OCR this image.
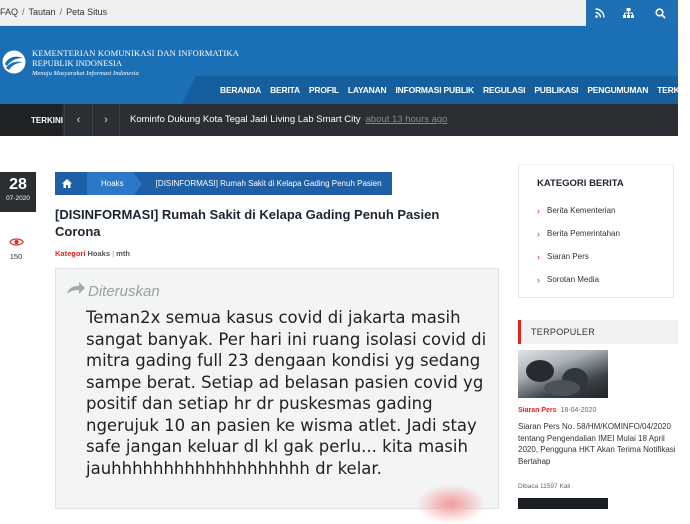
FAQ / Tautan / Peta Situs
KEMENTERIAN KOMUNIKASI DAN INFORMATIKA
REPUBLIK INDONESIA
Menuju Masyarakat Informasi Indonesia
BERANDA BERITA PROFIL LAYANAN INFORMASI PUBLIK REGULASI PUBLIKASI PENGUMUMAN TERKINI
TERKINI	‹	›	Kominfo Dukung Kota Tegal Jadi Living Lab Smart City about 13 hours ago
28
07-2020
150
Hoaks	[DISINFORMASI] Rumah Sakit di Kelapa Gading Penuh Pasien
[DISINFORMASI] Rumah Sakit di Kelapa Gading Penuh Pasien Corona
Kategori Hoaks | mth
Diteruskan
Teman2x semua kasus covid di jakarta masih sangat banyak. Per hari ini ruang isolasi covid di mitra gading full 23 dengaan kondisi yg sedang sampe berat. Setiap ad belasan pasien covid yg positif dan setiap hr dr puskesmas gading ngerujuk 10 an pasien ke wisma atlet. Jadi stay safe jangan keluar dl kl gak perlu... kita masih jauhhhhhhhhhhhhhhhhhhh dr kelar.
KATEGORI BERITA
› Berita Kementerian
› Berita Pemerintahan
› Siaran Pers
› Sorotan Media
TERPOPULER
Siaran Pers 18-04-2020
Siaran Pers No. 58/HM/KOMINFO/04/2020 tentang Pengendalian IMEI Mulai 18 April 2020, Pengguna HKT Akan Terima Notifikasi Bertahap
Dibaca 11597 Kali
